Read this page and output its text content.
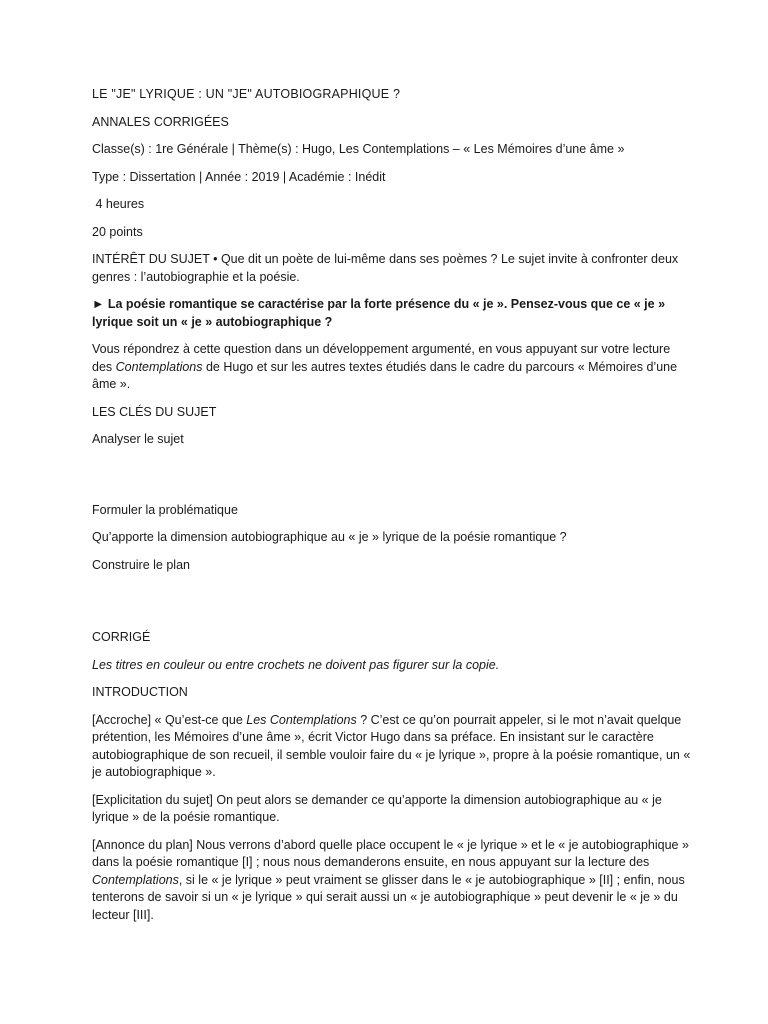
LE "JE" LYRIQUE : UN "JE" AUTOBIOGRAPHIQUE ?

ANNALES CORRIGÉES

Classe(s) : 1re Générale | Thème(s) : Hugo, Les Contemplations – « Les Mémoires d’une âme »

Type : Dissertation | Année : 2019 | Académie : Inédit

4 heures

20 points

INTÉRÊT DU SUJET • Que dit un poète de lui-même dans ses poèmes ? Le sujet invite à confronter deux genres : l’autobiographie et la poésie.

► La poésie romantique se caractérise par la forte présence du « je ». Pensez-vous que ce « je » lyrique soit un « je » autobiographique ?

Vous répondrez à cette question dans un développement argumenté, en vous appuyant sur votre lecture des Contemplations de Hugo et sur les autres textes étudiés dans le cadre du parcours « Mémoires d’une âme ».

LES CLÉS DU SUJET

Analyser le sujet

Formuler la problématique

Qu’apporte la dimension autobiographique au « je » lyrique de la poésie romantique ?

Construire le plan

CORRIGÉ

Les titres en couleur ou entre crochets ne doivent pas figurer sur la copie.

INTRODUCTION

[Accroche] « Qu’est-ce que Les Contemplations ? C’est ce qu’on pourrait appeler, si le mot n’avait quelque prétention, les Mémoires d’une âme », écrit Victor Hugo dans sa préface. En insistant sur le caractère autobiographique de son recueil, il semble vouloir faire du « je lyrique », propre à la poésie romantique, un « je autobiographique ».

[Explicitation du sujet] On peut alors se demander ce qu’apporte la dimension autobiographique au « je lyrique » de la poésie romantique.

[Annonce du plan] Nous verrons d’abord quelle place occupent le « je lyrique » et le « je autobiographique » dans la poésie romantique [I] ; nous nous demanderons ensuite, en nous appuyant sur la lecture des Contemplations, si le « je lyrique » peut vraiment se glisser dans le « je autobiographique » [II] ; enfin, nous tenterons de savoir si un « je lyrique » qui serait aussi un « je autobiographique » peut devenir le « je » du lecteur [III].
